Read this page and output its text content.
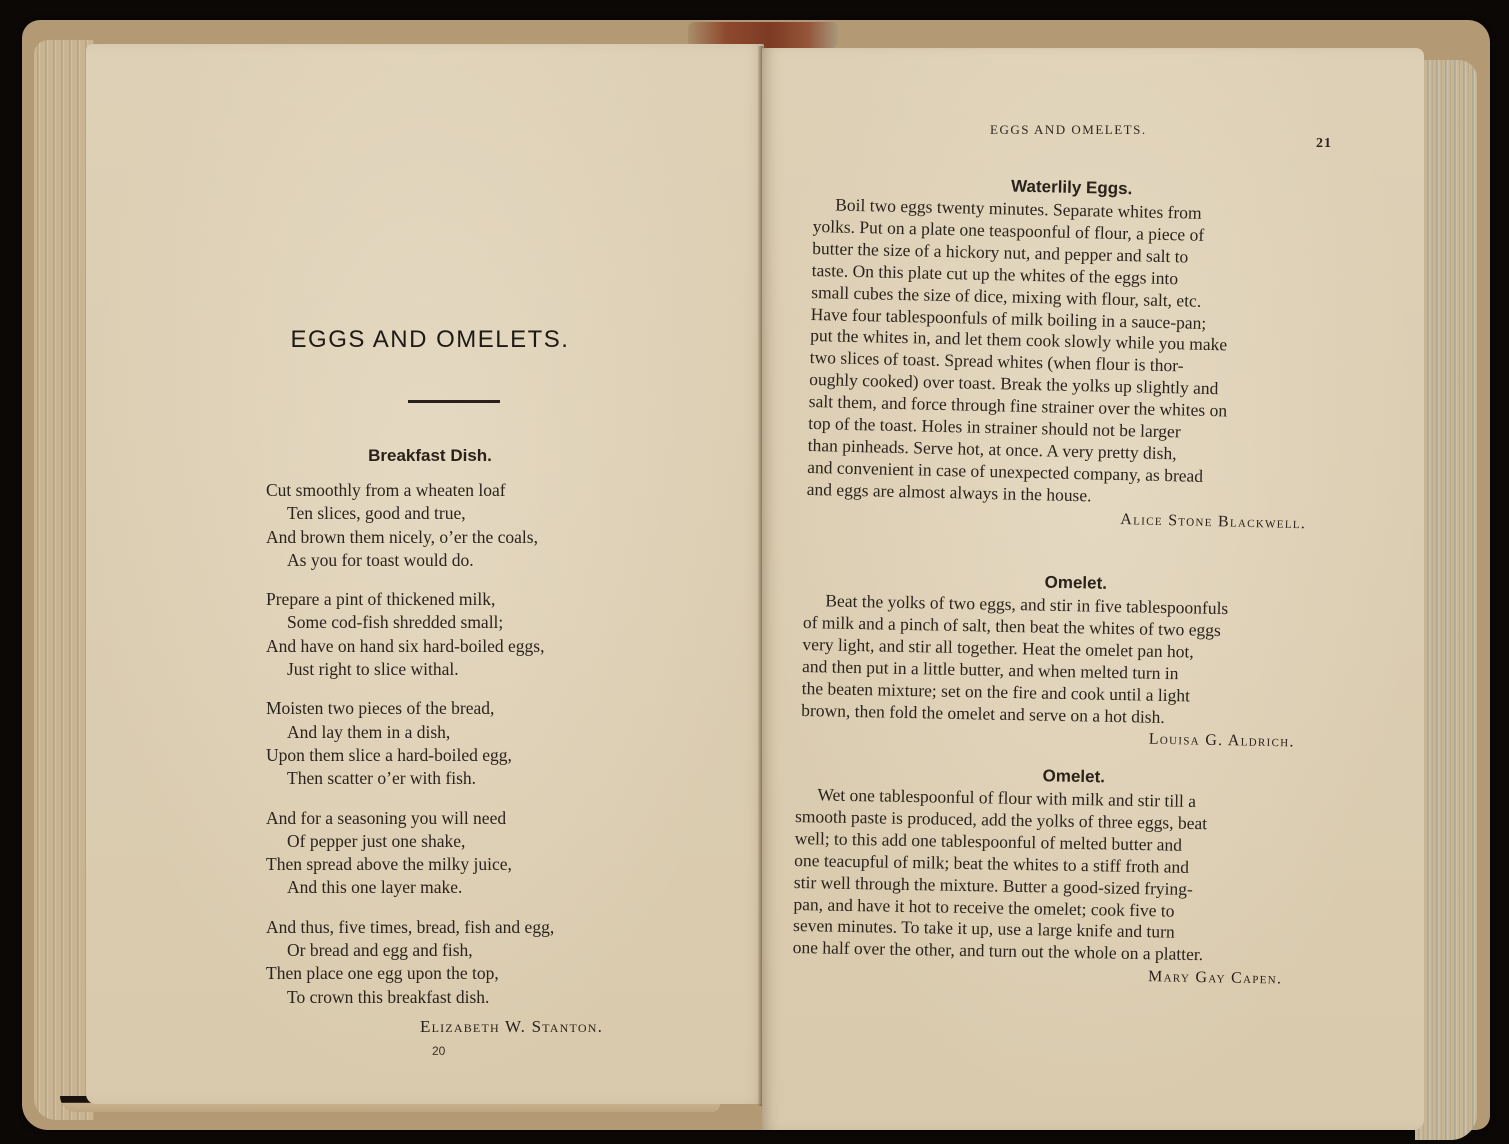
EGGS AND OMELETS.
Breakfast Dish.
Cut smoothly from a wheaten loaf
Ten slices, good and true,
And brown them nicely, o’er the coals,
As you for toast would do.
Prepare a pint of thickened milk,
Some cod-fish shredded small;
And have on hand six hard-boiled eggs,
Just right to slice withal.
Moisten two pieces of the bread,
And lay them in a dish,
Upon them slice a hard-boiled egg,
Then scatter o’er with fish.
And for a seasoning you will need
Of pepper just one shake,
Then spread above the milky juice,
And this one layer make.
And thus, five times, bread, fish and egg,
Or bread and egg and fish,
Then place one egg upon the top,
To crown this breakfast dish.
Elizabeth W. Stanton.
20
EGGS AND OMELETS.
21
Waterlily Eggs.
Boil two eggs twenty minutes. Separate whites from
yolks. Put on a plate one teaspoonful of flour, a piece of
butter the size of a hickory nut, and pepper and salt to
taste. On this plate cut up the whites of the eggs into
small cubes the size of dice, mixing with flour, salt, etc.
Have four tablespoonfuls of milk boiling in a sauce-pan;
put the whites in, and let them cook slowly while you make
two slices of toast. Spread whites (when flour is thor-
oughly cooked) over toast. Break the yolks up slightly and
salt them, and force through fine strainer over the whites on
top of the toast. Holes in strainer should not be larger
than pinheads. Serve hot, at once. A very pretty dish,
and convenient in case of unexpected company, as bread
and eggs are almost always in the house.
Alice Stone Blackwell.
Omelet.
Beat the yolks of two eggs, and stir in five tablespoonfuls
of milk and a pinch of salt, then beat the whites of two eggs
very light, and stir all together. Heat the omelet pan hot,
and then put in a little butter, and when melted turn in
the beaten mixture; set on the fire and cook until a light
brown, then fold the omelet and serve on a hot dish.
Louisa G. Aldrich.
Omelet.
Wet one tablespoonful of flour with milk and stir till a
smooth paste is produced, add the yolks of three eggs, beat
well; to this add one tablespoonful of melted butter and
one teacupful of milk; beat the whites to a stiff froth and
stir well through the mixture. Butter a good-sized frying-
pan, and have it hot to receive the omelet; cook five to
seven minutes. To take it up, use a large knife and turn
one half over the other, and turn out the whole on a platter.
Mary Gay Capen.
